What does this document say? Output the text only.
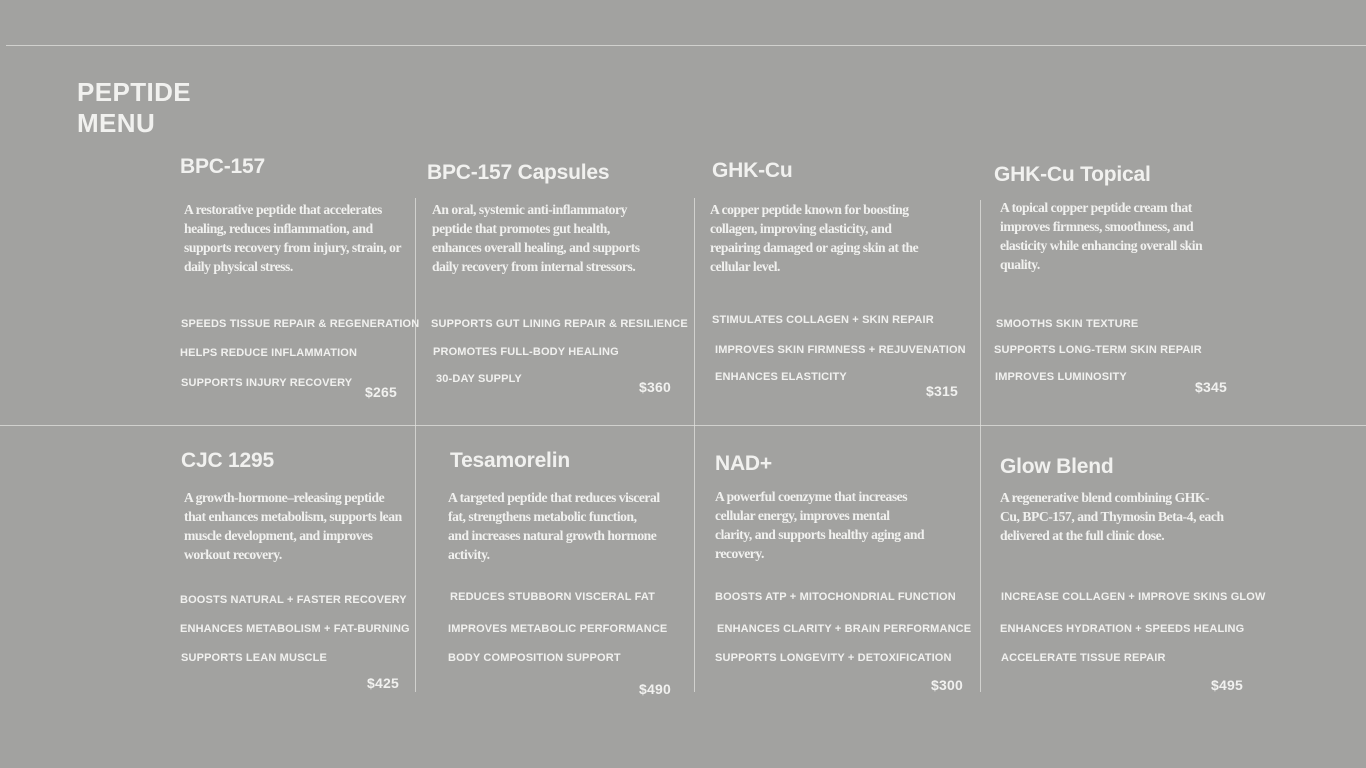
PEPTIDE
MENU
BPC-157
A restorative peptide that accelerates healing, reduces inflammation, and supports recovery from injury, strain, or daily physical stress.
SPEEDS TISSUE REPAIR & REGENERATION
HELPS REDUCE INFLAMMATION
SUPPORTS INJURY RECOVERY
$265
BPC-157 Capsules
An oral, systemic anti-inflammatory peptide that promotes gut health, enhances overall healing, and supports daily recovery from internal stressors.
SUPPORTS GUT LINING REPAIR & RESILIENCE
PROMOTES FULL-BODY HEALING
30-DAY SUPPLY	$360
GHK-Cu
A copper peptide known for boosting collagen, improving elasticity, and repairing damaged or aging skin at the cellular level.
STIMULATES COLLAGEN + SKIN REPAIR
IMPROVES SKIN FIRMNESS + REJUVENATION
ENHANCES ELASTICITY
$315
GHK-Cu Topical
A topical copper peptide cream that improves firmness, smoothness, and elasticity while enhancing overall skin quality.
SMOOTHS SKIN TEXTURE
SUPPORTS LONG-TERM SKIN REPAIR
IMPROVES LUMINOSITY
$345
CJC 1295
A growth-hormone–releasing peptide that enhances metabolism, supports lean muscle development, and improves workout recovery.
BOOSTS NATURAL + FASTER RECOVERY
ENHANCES METABOLISM + FAT-BURNING
SUPPORTS LEAN MUSCLE
$425
Tesamorelin
A targeted peptide that reduces visceral fat, strengthens metabolic function, and increases natural growth hormone activity.
REDUCES STUBBORN VISCERAL FAT
IMPROVES METABOLIC PERFORMANCE
BODY COMPOSITION SUPPORT
$490
NAD+
A powerful coenzyme that increases cellular energy, improves mental clarity, and supports healthy aging and recovery.
BOOSTS ATP + MITOCHONDRIAL FUNCTION
ENHANCES CLARITY + BRAIN PERFORMANCE
SUPPORTS LONGEVITY + DETOXIFICATION
$300
Glow Blend
A regenerative blend combining GHK-Cu, BPC-157, and Thymosin Beta-4, each delivered at the full clinic dose.
INCREASE COLLAGEN + IMPROVE SKINS GLOW
ENHANCES HYDRATION + SPEEDS HEALING
ACCELERATE TISSUE REPAIR
$495
